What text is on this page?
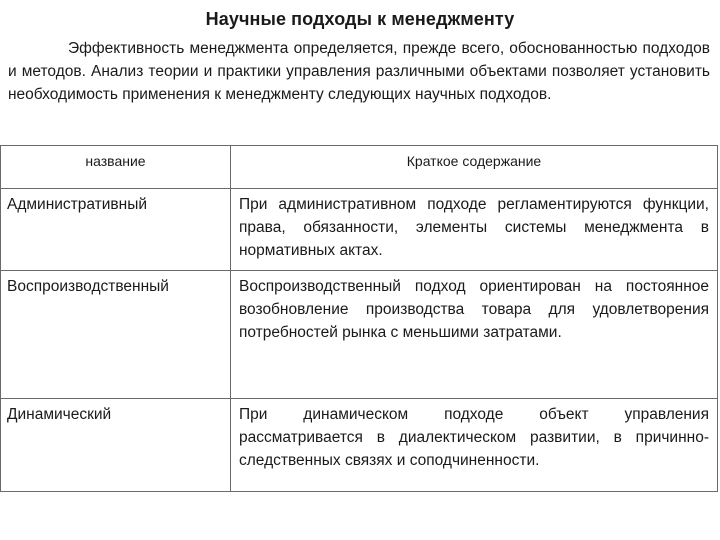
Научные подходы к менеджменту
Эффективность менеджмента определяется, прежде всего, обоснованностью подходов и методов. Анализ теории и практики управления различными объектами позволяет установить необходимость применения к менеджменту следующих научных подходов.
название	Краткое содержание
Административный	При административном подходе регламентируются функции, права, обязанности, элементы системы менеджмента в нормативных актах.
Воспроизводственный	Воспроизводственный подход ориентирован на постоянное возобновление производства товара для удовлетворения потребностей рынка с меньшими затратами.
Динамический	При динамическом подходе объект управления рассматривается в диалектическом развитии, в причинно-следственных связях и соподчиненности.
